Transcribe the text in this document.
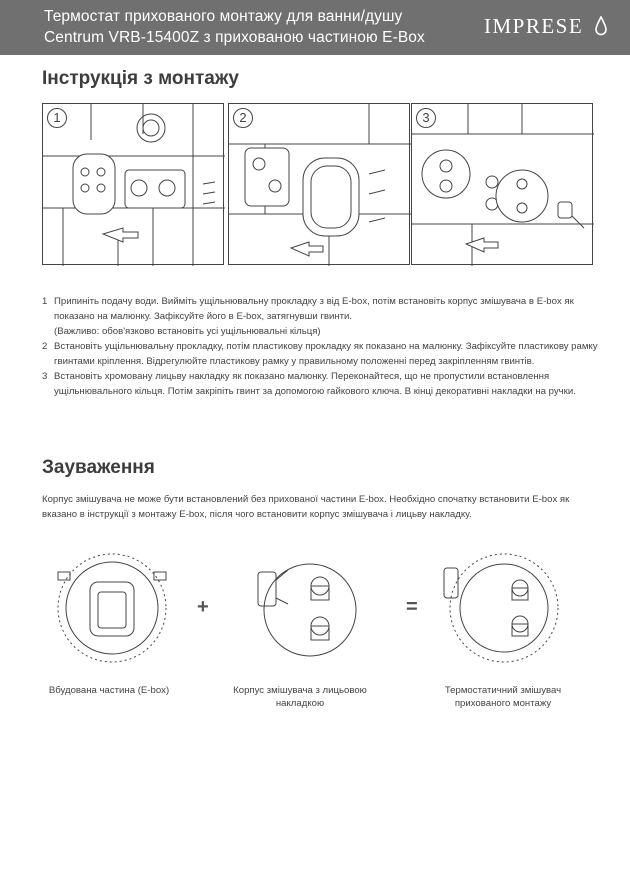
Термостат прихованого монтажу для ванни/душу
Centrum VRB-15400Z з прихованою частиною E-Box	IMPRESE
Інструкція з монтажу
1	2	3
1 Припиніть подачу води. Вийміть ущільнювальну прокладку з від E-box, потім встановіть корпус змішувача в E-box як показано на малюнку. Зафіксуйте його в E-box, затягнувши гвинти.
(Важливо: обов'язково встановіть усі ущільнювальні кільця)
2 Встановіть ущільнювальну прокладку, потім пластикову прокладку як показано на малюнку. Зафіксуйте пластикову рамку гвинтами кріплення. Відрегулюйте пластикову рамку у правильному положенні перед закріпленням гвинтів.
3 Встановіть хромовану лицьву накладку як показано малюнку. Переконайтеся, що не пропустили встановлення ущільнювального кільця. Потім закріпіть гвинт за допомогою гайкового ключа. В кінці декоративні накладки на ручки.
Зауваження

Корпус змішувача не може бути встановлений без прихованої частини E-box. Необхідно спочатку встановити E-box як вказано в інструкції з монтажу E-box, після чого встановити корпус змішувача і лицьву накладку.

+	=
Вбудована частина (E-box)	Корпус змішувача з лицьовою
накладкою
Термостатичний змішувач
прихованого монтажу
